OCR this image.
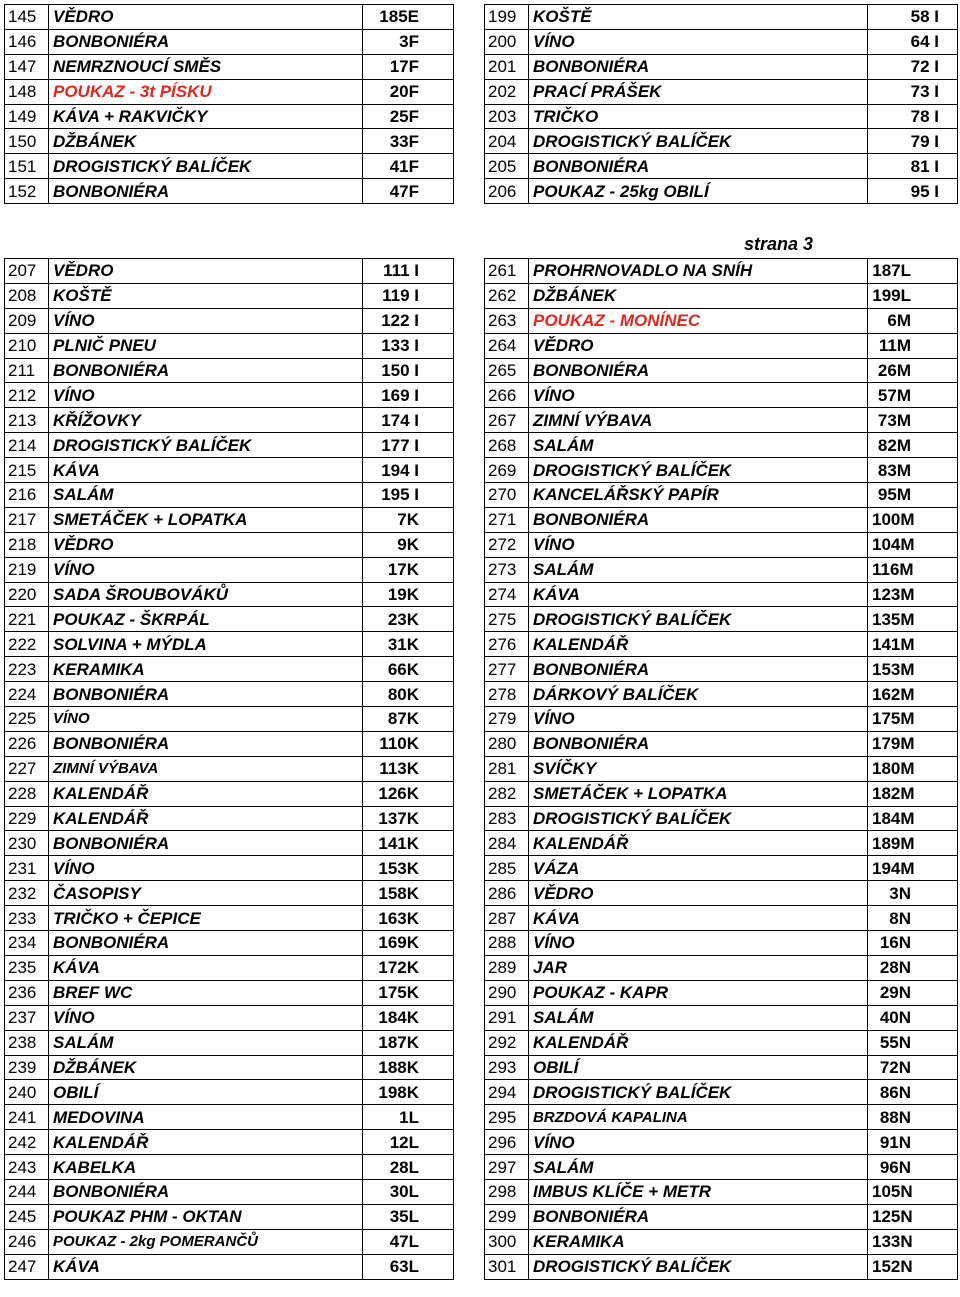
strana 3
145	VĚDRO	185E
146	BONBONIÉRA	3F
147	NEMRZNOUCÍ SMĚS	17F
148	POUKAZ - 3t PÍSKU	20F
149	KÁVA + RAKVIČKY	25F
150	DŽBÁNEK	33F
151	DROGISTICKÝ BALÍČEK	41F
152	BONBONIÉRA	47F
199	KOŠTĚ	58 I
200	VÍNO	64 I
201	BONBONIÉRA	72 I
202	PRACÍ PRÁŠEK	73 I
203	TRIČKO	78 I
204	DROGISTICKÝ BALÍČEK	79 I
205	BONBONIÉRA	81 I
206	POUKAZ - 25kg OBILÍ	95 I
207	VĚDRO	111 I
208	KOŠTĚ	119 I
209	VÍNO	122 I
210	PLNIČ PNEU	133 I
211	BONBONIÉRA	150 I
212	VÍNO	169 I
213	KŘÍŽOVKY	174 I
214	DROGISTICKÝ BALÍČEK	177 I
215	KÁVA	194 I
216	SALÁM	195 I
217	SMETÁČEK + LOPATKA	7K
218	VĚDRO	9K
219	VÍNO	17K
220	SADA ŠROUBOVÁKŮ	19K
221	POUKAZ - ŠKRPÁL	23K
222	SOLVINA + MÝDLA	31K
223	KERAMIKA	66K
224	BONBONIÉRA	80K
225	VÍNO	87K
226	BONBONIÉRA	110K
227	ZIMNÍ VÝBAVA	113K
228	KALENDÁŘ	126K
229	KALENDÁŘ	137K
230	BONBONIÉRA	141K
231	VÍNO	153K
232	ČASOPISY	158K
233	TRIČKO + ČEPICE	163K
234	BONBONIÉRA	169K
235	KÁVA	172K
236	BREF WC	175K
237	VÍNO	184K
238	SALÁM	187K
239	DŽBÁNEK	188K
240	OBILÍ	198K
241	MEDOVINA	1L
242	KALENDÁŘ	12L
243	KABELKA	28L
244	BONBONIÉRA	30L
245	POUKAZ PHM - OKTAN	35L
246	POUKAZ - 2kg POMERANČŮ	47L
247	KÁVA	63L
261	PROHRNOVADLO NA SNÍH	187L
262	DŽBÁNEK	199L
263	POUKAZ - MONÍNEC	6M
264	VĚDRO	11M
265	BONBONIÉRA	26M
266	VÍNO	57M
267	ZIMNÍ VÝBAVA	73M
268	SALÁM	82M
269	DROGISTICKÝ BALÍČEK	83M
270	KANCELÁŘSKÝ PAPÍR	95M
271	BONBONIÉRA	100M
272	VÍNO	104M
273	SALÁM	116M
274	KÁVA	123M
275	DROGISTICKÝ BALÍČEK	135M
276	KALENDÁŘ	141M
277	BONBONIÉRA	153M
278	DÁRKOVÝ BALÍČEK	162M
279	VÍNO	175M
280	BONBONIÉRA	179M
281	SVÍČKY	180M
282	SMETÁČEK + LOPATKA	182M
283	DROGISTICKÝ BALÍČEK	184M
284	KALENDÁŘ	189M
285	VÁZA	194M
286	VĚDRO	3N
287	KÁVA	8N
288	VÍNO	16N
289	JAR	28N
290	POUKAZ - KAPR	29N
291	SALÁM	40N
292	KALENDÁŘ	55N
293	OBILÍ	72N
294	DROGISTICKÝ BALÍČEK	86N
295	BRZDOVÁ KAPALINA	88N
296	VÍNO	91N
297	SALÁM	96N
298	IMBUS KLÍČE + METR	105N
299	BONBONIÉRA	125N
300	KERAMIKA	133N
301	DROGISTICKÝ BALÍČEK	152N
